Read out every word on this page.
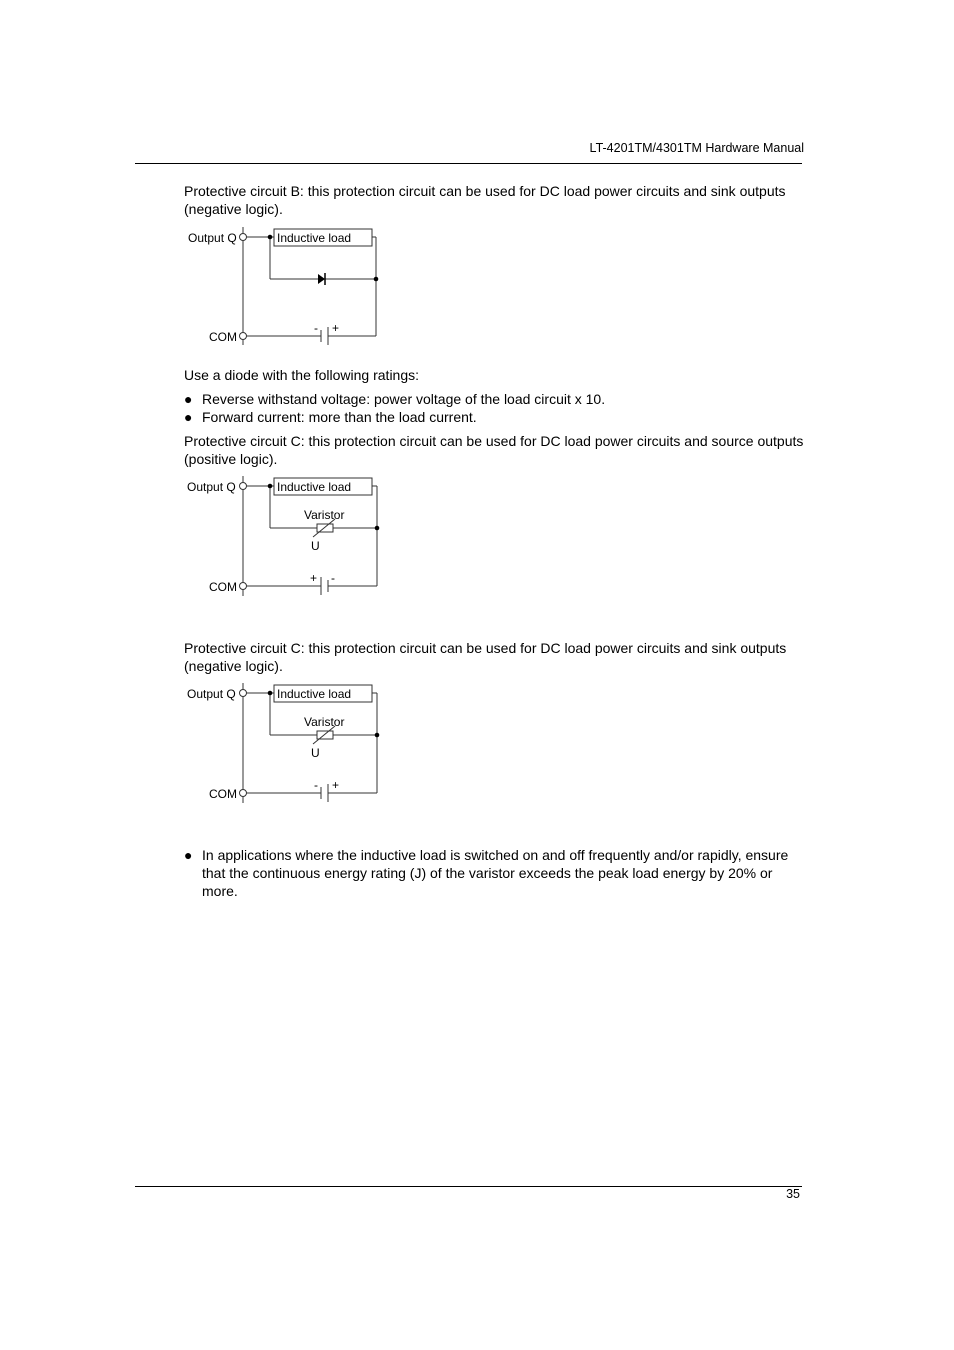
LT-4201TM/4301TM Hardware Manual

Protective circuit B: this protection circuit can be used for DC load power circuits and sink outputs (negative logic).

Output Q	Inductive load
COM
- +

Use a diode with the following ratings:

● Reverse withstand voltage: power voltage of the load circuit x 10.
● Forward current: more than the load current.

Protective circuit C: this protection circuit can be used for DC load power circuits and source outputs (positive logic).

Output Q	Inductive load
Varistor
U
COM
+ -

Protective circuit C: this protection circuit can be used for DC load power circuits and sink outputs (negative logic).

Output Q	Inductive load
Varistor
U
COM
- +
● In applications where the inductive load is switched on and off frequently and/or rapidly, ensure that the continuous energy rating (J) of the varistor exceeds the peak load energy by 20% or more.
35
